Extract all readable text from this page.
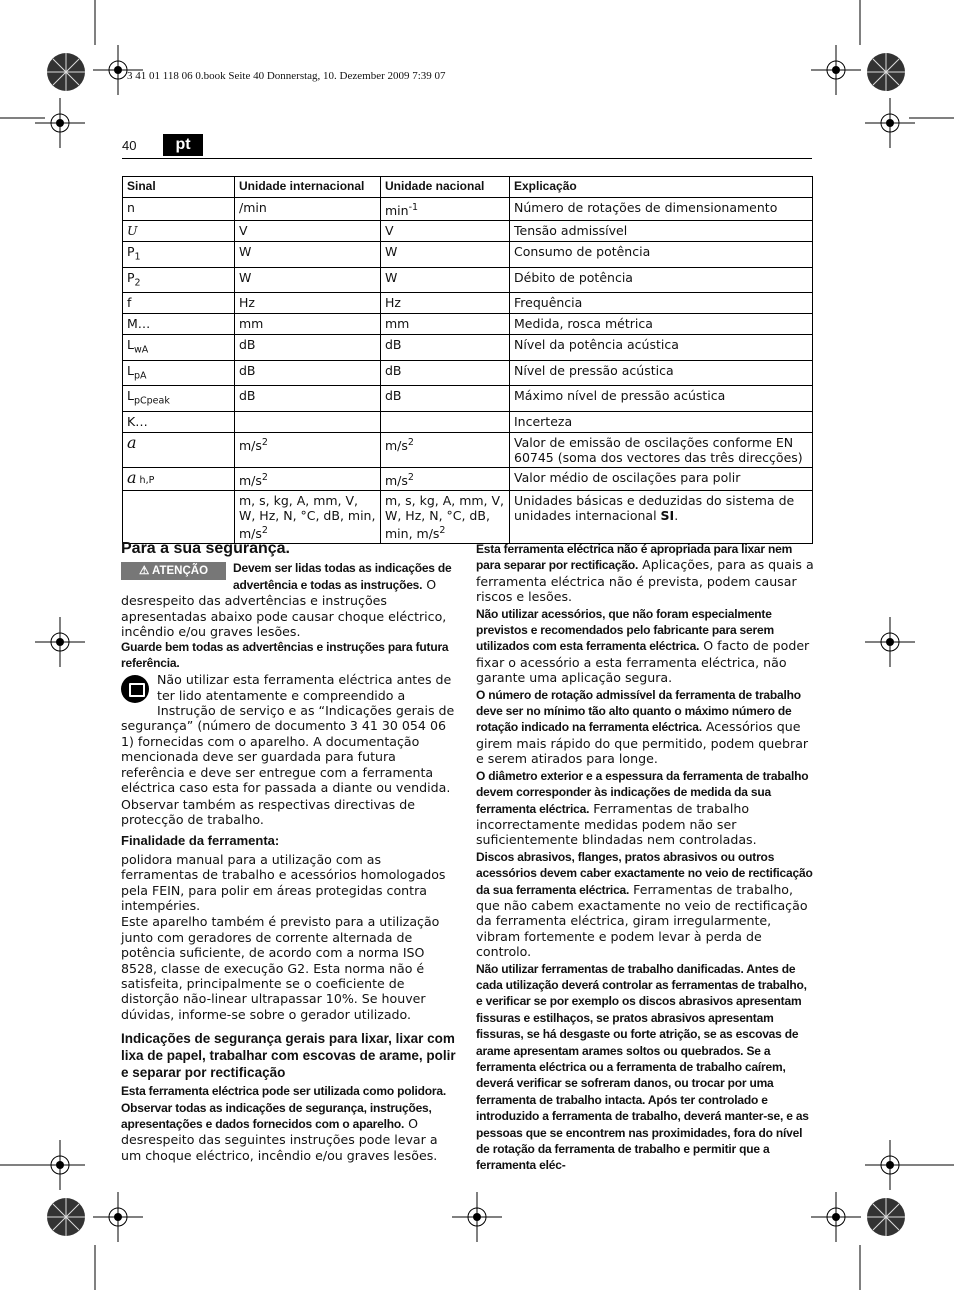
3 41 01 118 06 0.book Seite 40 Donnerstag, 10. Dezember 2009 7:39 07
40	pt
Sinal	Unidade internacional	Unidade nacional	Explicação
n	/min	$\min^{-1}$	Número de rotações de dimensionamento
U	V	V	Tensão admissível
$P_1$	W	W	Consumo de potência
$P_2$	W	W	Débito de potência
f	Hz	Hz	Frequência
M…	mm	mm	Medida, rosca métrica
$L_{wA}$	dB	dB	Nível da potência acústica
$L_{pA}$	dB	dB	Nível de pressão acústica
$L_{pCpeak}$	dB	dB	Máximo nível de pressão acústica
K…			Incerteza
a	$m/s^2$	$m/s^2$	Valor de emissão de oscilações conforme EN 60745 (soma dos vectores das três direcções)
a h,P	$m/s^2$	$m/s^2$	Valor médio de oscilações para polir
	m, s, kg, A, mm, V, W, Hz, N, °C, dB, min, $m/s^2$	m, s, kg, A, mm, V, W, Hz, N, °C, dB, min, $m/s^2$	Unidades básicas e deduzidas do sistema de unidades internacional SI.
Para a sua segurança.

⚠ ATENÇÃO	Devem ser lidas todas as indicações de advertência e todas as instruções. O desrespeito das advertências e instruções apresentadas abaixo pode causar choque eléctrico, incêndio e/ou graves lesões.

Guarde bem todas as advertências e instruções para futura referência.

Não utilizar esta ferramenta eléctrica antes de ter lido atentamente e compreendido a Instrução de serviço e as “Indicações gerais de segurança” (número de documento 3 41 30 054 06 1) fornecidas com o aparelho. A documentação mencionada deve ser guardada para futura referência e deve ser entregue com a ferramenta eléctrica caso esta for passada a diante ou vendida.

Observar também as respectivas directivas de protecção de trabalho.

Finalidade da ferramenta:

polidora manual para a utilização com as ferramentas de trabalho e acessórios homologados pela FEIN, para polir em áreas protegidas contra intempéries.

Este aparelho também é previsto para a utilização junto com geradores de corrente alternada de potência suficiente, de acordo com a norma ISO 8528, classe de execução G2. Esta norma não é satisfeita, principalmente se o coeficiente de distorção não-linear ultrapassar 10%. Se houver dúvidas, informe-se sobre o gerador utilizado.

Indicações de segurança gerais para lixar, lixar com lixa de papel, trabalhar com escovas de arame, polir e separar por rectificação

Esta ferramenta eléctrica pode ser utilizada como polidora. Observar todas as indicações de segurança, instruções, apresentações e dados fornecidos com o aparelho. O desrespeito das seguintes instruções pode levar a um choque eléctrico, incêndio e/ou graves lesões.

Esta ferramenta eléctrica não é apropriada para lixar nem para separar por rectificação. Aplicações, para as quais a ferramenta eléctrica não é prevista, podem causar riscos e lesões.

Não utilizar acessórios, que não foram especialmente previstos e recomendados pelo fabricante para serem utilizados com esta ferramenta eléctrica. O facto de poder fixar o acessório a esta ferramenta eléctrica, não garante uma aplicação segura.

O número de rotação admissível da ferramenta de trabalho deve ser no mínimo tão alto quanto o máximo número de rotação indicado na ferramenta eléctrica. Acessórios que girem mais rápido do que permitido, podem quebrar e serem atirados para longe.

O diâmetro exterior e a espessura da ferramenta de trabalho devem corresponder às indicações de medida da sua ferramenta eléctrica. Ferramentas de trabalho incorrectamente medidas podem não ser suficientemente blindadas nem controladas.

Discos abrasivos, flanges, pratos abrasivos ou outros acessórios devem caber exactamente no veio de rectificação da sua ferramenta eléctrica. Ferramentas de trabalho, que não cabem exactamente no veio de rectificação da ferramenta eléctrica, giram irregularmente, vibram fortemente e podem levar à perda de controlo.

Não utilizar ferramentas de trabalho danificadas. Antes de cada utilização deverá controlar as ferramentas de trabalho, e verificar se por exemplo os discos abrasivos apresentam fissuras e estilhaços, se pratos abrasivos apresentam fissuras, se há desgaste ou forte atrição, se as escovas de arame apresentam arames soltos ou quebrados. Se a ferramenta eléctrica ou a ferramenta de trabalho caírem, deverá verificar se sofreram danos, ou trocar por uma ferramenta de trabalho intacta. Após ter controlado e introduzido a ferramenta de trabalho, deverá manter-se, e as pessoas que se encontrem nas proximidades, fora do nível de rotação da ferramenta de trabalho e permitir que a ferramenta eléc-
